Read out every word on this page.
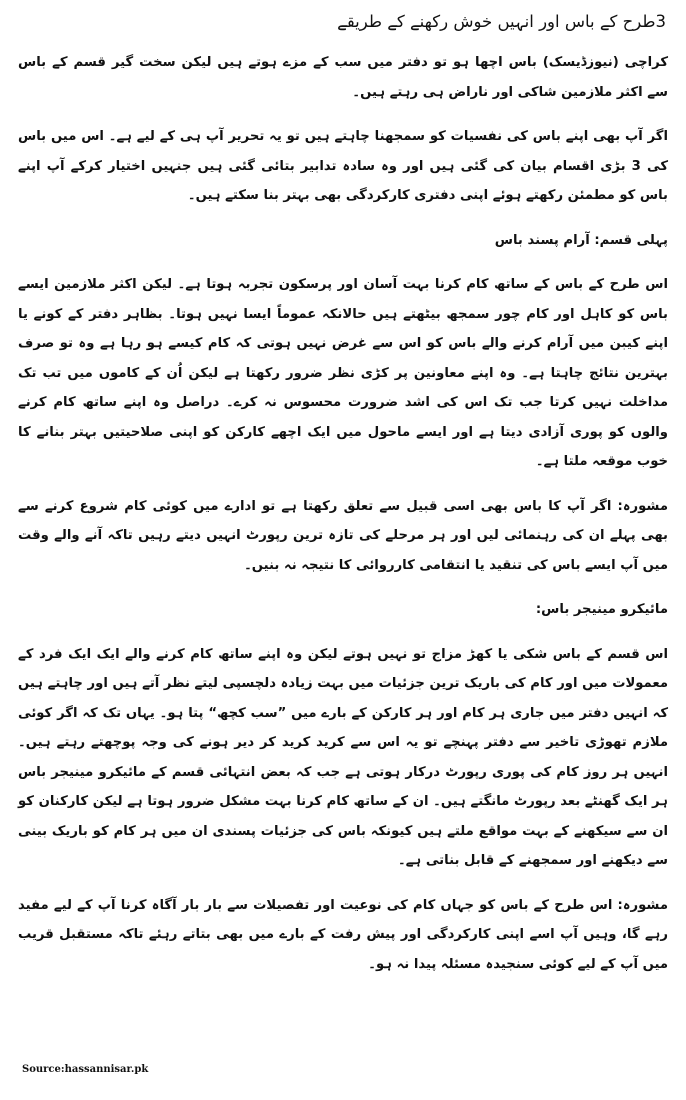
3طرح کے باس اور انہیں خوش رکھنے کے طریقے

کراچی (نیوزڈیسک) باس اچھا ہو تو دفتر میں سب کے مزے ہوتے ہیں لیکن سخت گیر قسم کے باس سے اکثر ملازمین شاکی اور ناراض ہی رہتے ہیں۔

اگر آپ بھی اپنے باس کی نفسیات کو سمجھنا چاہتے ہیں تو یہ تحریر آپ ہی کے لیے ہے۔ اس میں باس کی 3 بڑی اقسام بیان کی گئی ہیں اور وہ سادہ تدابیر بتائی گئی ہیں جنہیں اختیار کرکے آپ اپنے باس کو مطمئن رکھتے ہوئے اپنی دفتری کارکردگی بھی بہتر بنا سکتے ہیں۔

پہلی قسم: آرام پسند باس

اس طرح کے باس کے ساتھ کام کرنا بہت آسان اور پرسکون تجربہ ہوتا ہے۔ لیکن اکثر ملازمین ایسے باس کو کاہل اور کام چور سمجھ بیٹھتے ہیں حالانکہ عموماً ایسا نہیں ہوتا۔ بظاہر دفتر کے کونے یا اپنے کیبن میں آرام کرنے والے باس کو اس سے غرض نہیں ہوتی کہ کام کیسے ہو رہا ہے وہ تو صرف بہترین نتائج چاہتا ہے۔ وہ اپنے معاونین پر کڑی نظر ضرور رکھتا ہے لیکن اُن کے کاموں میں تب تک مداخلت نہیں کرتا جب تک اس کی اشد ضرورت محسوس نہ کرے۔ دراصل وہ اپنے ساتھ کام کرنے والوں کو پوری آزادی دیتا ہے اور ایسے ماحول میں ایک اچھے کارکن کو اپنی صلاحیتیں بہتر بنانے کا خوب موقعہ ملتا ہے۔

مشورہ: اگر آپ کا باس بھی اسی قبیل سے تعلق رکھتا ہے تو ادارے میں کوئی کام شروع کرنے سے بھی پہلے ان کی رہنمائی لیں اور ہر مرحلے کی تازہ ترین رپورٹ انہیں دیتے رہیں تاکہ آنے والے وقت میں آپ ایسے باس کی تنقید یا انتقامی کارروائی کا نتیجہ نہ بنیں۔

مائیکرو مینیجر باس:

اس قسم کے باس شکی یا کھڑ مزاج تو نہیں ہوتے لیکن وہ اپنے ساتھ کام کرنے والے ایک ایک فرد کے معمولات میں اور کام کی باریک ترین جزئیات میں بہت زیادہ دلچسپی لیتے نظر آتے ہیں اور چاہتے ہیں کہ انہیں دفتر میں جاری ہر کام اور ہر کارکن کے بارے میں ”سب کچھ“ پتا ہو۔ یہاں تک کہ اگر کوئی ملازم تھوڑی تاخیر سے دفتر پہنچے تو یہ اس سے کرید کرید کر دیر ہونے کی وجہ پوچھتے رہتے ہیں۔ انہیں ہر روز کام کی پوری رپورٹ درکار ہوتی ہے جب کہ بعض انتہائی قسم کے مائیکرو مینیجر باس ہر ایک گھنٹے بعد رپورٹ مانگتے ہیں۔ ان کے ساتھ کام کرنا بہت مشکل ضرور ہوتا ہے لیکن کارکنان کو ان سے سیکھنے کے بہت مواقع ملتے ہیں کیونکہ باس کی جزئیات پسندی ان میں ہر کام کو باریک بینی سے دیکھنے اور سمجھنے کے قابل بناتی ہے۔

مشورہ: اس طرح کے باس کو جہاں کام کی نوعیت اور تفصیلات سے بار بار آگاہ کرنا آپ کے لیے مفید رہے گا، وہیں آپ اسے اپنی کارکردگی اور پیش رفت کے بارے میں بھی بتاتے رہئے تاکہ مستقبل قریب میں آپ کے لیے کوئی سنجیدہ مسئلہ پیدا نہ ہو۔

Source:hassannisar.pk
